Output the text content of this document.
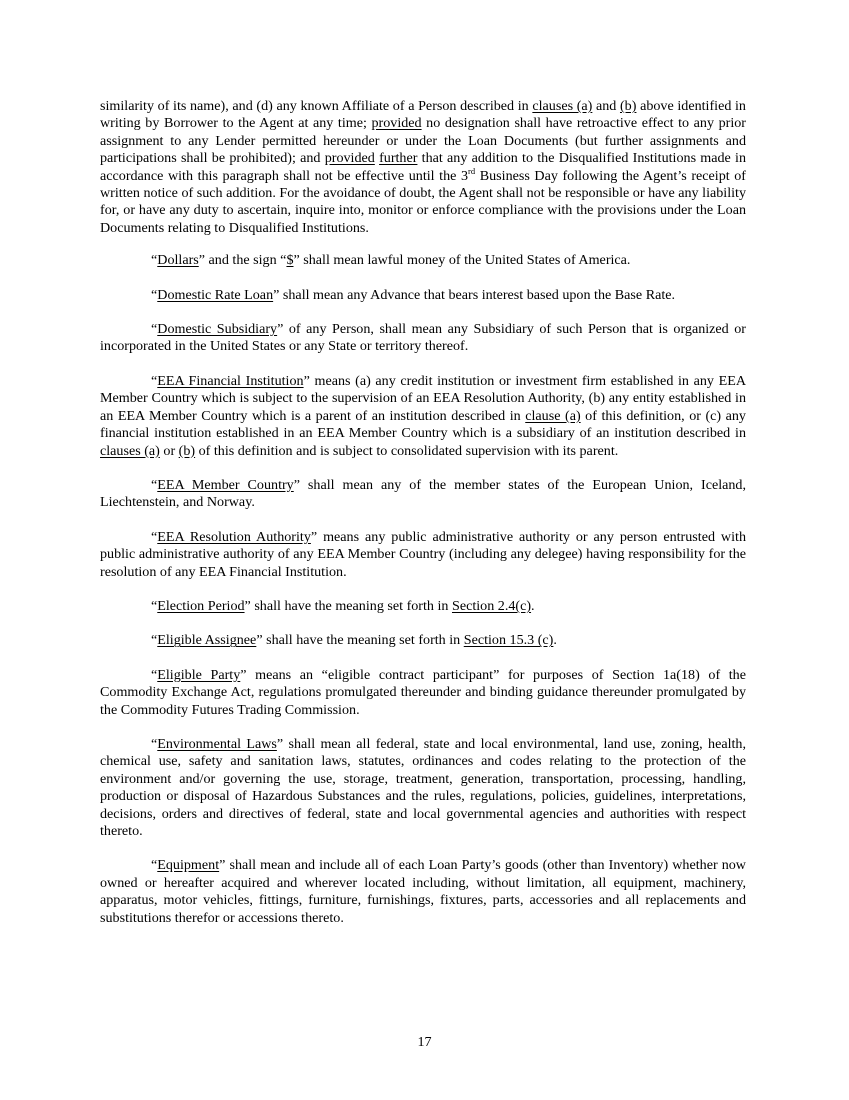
similarity of its name), and (d) any known Affiliate of a Person described in clauses (a) and (b) above identified in writing by Borrower to the Agent at any time; provided no designation shall have retroactive effect to any prior assignment to any Lender permitted hereunder or under the Loan Documents (but further assignments and participations shall be prohibited); and provided further that any addition to the Disqualified Institutions made in accordance with this paragraph shall not be effective until the 3rd Business Day following the Agent’s receipt of written notice of such addition. For the avoidance of doubt, the Agent shall not be responsible or have any liability for, or have any duty to ascertain, inquire into, monitor or enforce compliance with the provisions under the Loan Documents relating to Disqualified Institutions.

“Dollars” and the sign “$” shall mean lawful money of the United States of America.

“Domestic Rate Loan” shall mean any Advance that bears interest based upon the Base Rate.

“Domestic Subsidiary” of any Person, shall mean any Subsidiary of such Person that is organized or incorporated in the United States or any State or territory thereof.

“EEA Financial Institution” means (a) any credit institution or investment firm established in any EEA Member Country which is subject to the supervision of an EEA Resolution Authority, (b) any entity established in an EEA Member Country which is a parent of an institution described in clause (a) of this definition, or (c) any financial institution established in an EEA Member Country which is a subsidiary of an institution described in clauses (a) or (b) of this definition and is subject to consolidated supervision with its parent.

“EEA Member Country” shall mean any of the member states of the European Union, Iceland, Liechtenstein, and Norway.

“EEA Resolution Authority” means any public administrative authority or any person entrusted with public administrative authority of any EEA Member Country (including any delegee) having responsibility for the resolution of any EEA Financial Institution.

“Election Period” shall have the meaning set forth in Section 2.4(c).

“Eligible Assignee” shall have the meaning set forth in Section 15.3 (c).

“Eligible Party” means an “eligible contract participant” for purposes of Section 1a(18) of the Commodity Exchange Act, regulations promulgated thereunder and binding guidance thereunder promulgated by the Commodity Futures Trading Commission.

“Environmental Laws” shall mean all federal, state and local environmental, land use, zoning, health, chemical use, safety and sanitation laws, statutes, ordinances and codes relating to the protection of the environment and/or governing the use, storage, treatment, generation, transportation, processing, handling, production or disposal of Hazardous Substances and the rules, regulations, policies, guidelines, interpretations, decisions, orders and directives of federal, state and local governmental agencies and authorities with respect thereto.

“Equipment” shall mean and include all of each Loan Party’s goods (other than Inventory) whether now owned or hereafter acquired and wherever located including, without limitation, all equipment, machinery, apparatus, motor vehicles, fittings, furniture, furnishings, fixtures, parts, accessories and all replacements and substitutions therefor or accessions thereto.

17
